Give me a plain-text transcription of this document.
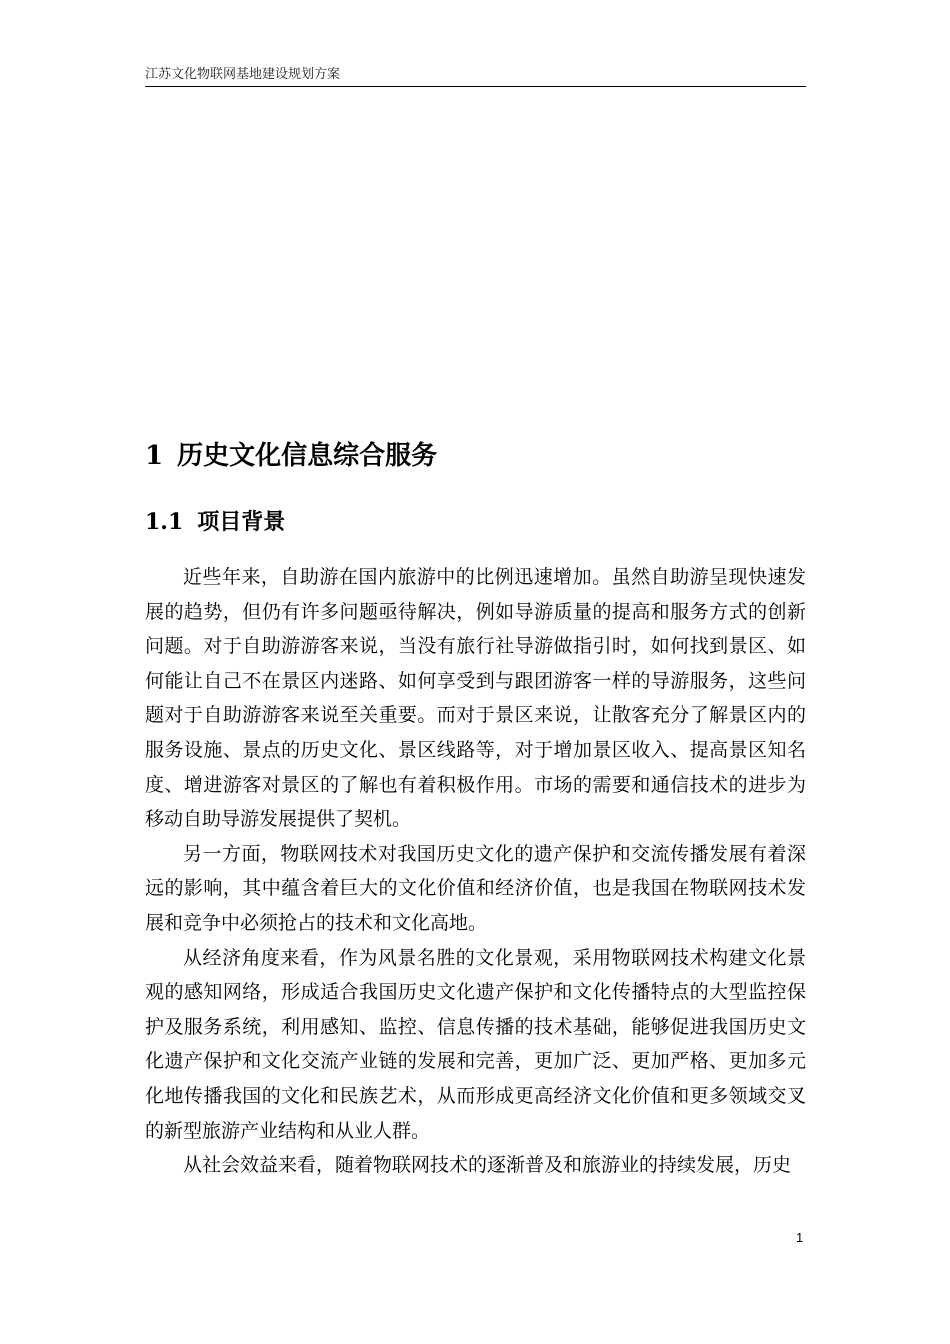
江苏文化物联网基地建设规划方案
1 历史文化信息综合服务
1.1 项目背景

近些年来，自助游在国内旅游中的比例迅速增加。虽然自助游呈现快速发展的趋势，但仍有许多问题亟待解决，例如导游质量的提高和服务方式的创新问题。对于自助游游客来说，当没有旅行社导游做指引时，如何找到景区、如何能让自己不在景区内迷路、如何享受到与跟团游客一样的导游服务，这些问题对于自助游游客来说至关重要。而对于景区来说，让散客充分了解景区内的服务设施、景点的历史文化、景区线路等，对于增加景区收入、提高景区知名度、增进游客对景区的了解也有着积极作用。市场的需要和通信技术的进步为移动自助导游发展提供了契机。

另一方面，物联网技术对我国历史文化的遗产保护和交流传播发展有着深远的影响，其中蕴含着巨大的文化价值和经济价值，也是我国在物联网技术发展和竞争中必须抢占的技术和文化高地。

从经济角度来看，作为风景名胜的文化景观，采用物联网技术构建文化景观的感知网络，形成适合我国历史文化遗产保护和文化传播特点的大型监控保护及服务系统，利用感知、监控、信息传播的技术基础，能够促进我国历史文化遗产保护和文化交流产业链的发展和完善，更加广泛、更加严格、更加多元化地传播我国的文化和民族艺术，从而形成更高经济文化价值和更多领域交叉的新型旅游产业结构和从业人群。

从社会效益来看，随着物联网技术的逐渐普及和旅游业的持续发展，历史

1
